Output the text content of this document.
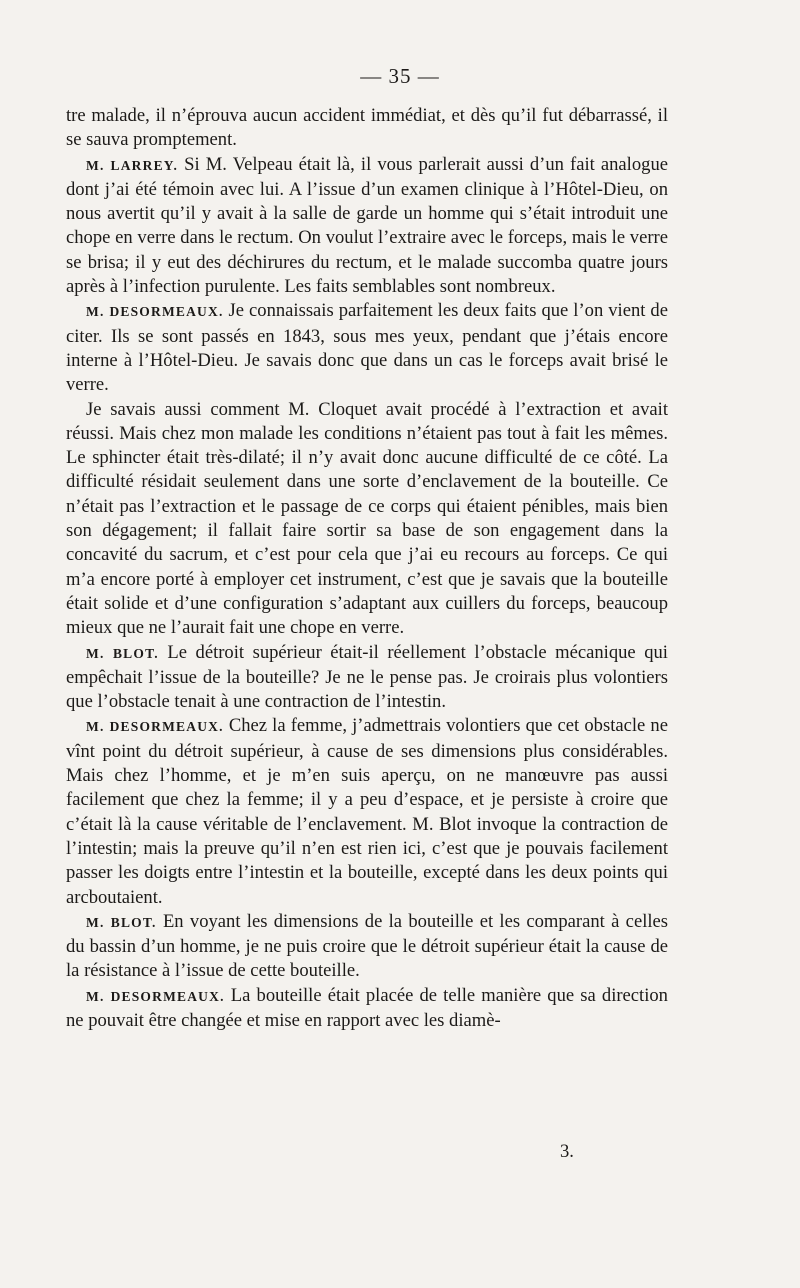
— 35 —

tre malade, il n’éprouva aucun accident immédiat, et dès qu’il fut débarrassé, il se sauva promptement.

M. LARREY. Si M. Velpeau était là, il vous parlerait aussi d’un fait analogue dont j’ai été témoin avec lui. A l’issue d’un examen clinique à l’Hôtel-Dieu, on nous avertit qu’il y avait à la salle de garde un homme qui s’était introduit une chope en verre dans le rectum. On voulut l’extraire avec le forceps, mais le verre se brisa; il y eut des déchirures du rectum, et le malade succomba quatre jours après à l’infection purulente. Les faits semblables sont nombreux.

M. DESORMEAUX. Je connaissais parfaitement les deux faits que l’on vient de citer. Ils se sont passés en 1843, sous mes yeux, pendant que j’étais encore interne à l’Hôtel-Dieu. Je savais donc que dans un cas le forceps avait brisé le verre.

Je savais aussi comment M. Cloquet avait procédé à l’extraction et avait réussi. Mais chez mon malade les conditions n’étaient pas tout à fait les mêmes. Le sphincter était très-dilaté; il n’y avait donc aucune difficulté de ce côté. La difficulté résidait seulement dans une sorte d’enclavement de la bouteille. Ce n’était pas l’extraction et le passage de ce corps qui étaient pénibles, mais bien son dégagement; il fallait faire sortir sa base de son engagement dans la concavité du sacrum, et c’est pour cela que j’ai eu recours au forceps. Ce qui m’a encore porté à employer cet instrument, c’est que je savais que la bouteille était solide et d’une configuration s’adaptant aux cuillers du forceps, beaucoup mieux que ne l’aurait fait une chope en verre.

M. BLOT. Le détroit supérieur était-il réellement l’obstacle mécanique qui empêchait l’issue de la bouteille? Je ne le pense pas. Je croirais plus volontiers que l’obstacle tenait à une contraction de l’intestin.

M. DESORMEAUX. Chez la femme, j’admettrais volontiers que cet obstacle ne vînt point du détroit supérieur, à cause de ses dimensions plus considérables. Mais chez l’homme, et je m’en suis aperçu, on ne manœuvre pas aussi facilement que chez la femme; il y a peu d’espace, et je persiste à croire que c’était là la cause véritable de l’enclavement. M. Blot invoque la contraction de l’intestin; mais la preuve qu’il n’en est rien ici, c’est que je pouvais facilement passer les doigts entre l’intestin et la bouteille, excepté dans les deux points qui arcboutaient.

M. BLOT. En voyant les dimensions de la bouteille et les comparant à celles du bassin d’un homme, je ne puis croire que le détroit supérieur était la cause de la résistance à l’issue de cette bouteille.

M. DESORMEAUX. La bouteille était placée de telle manière que sa direction ne pouvait être changée et mise en rapport avec les diamè-

3.
